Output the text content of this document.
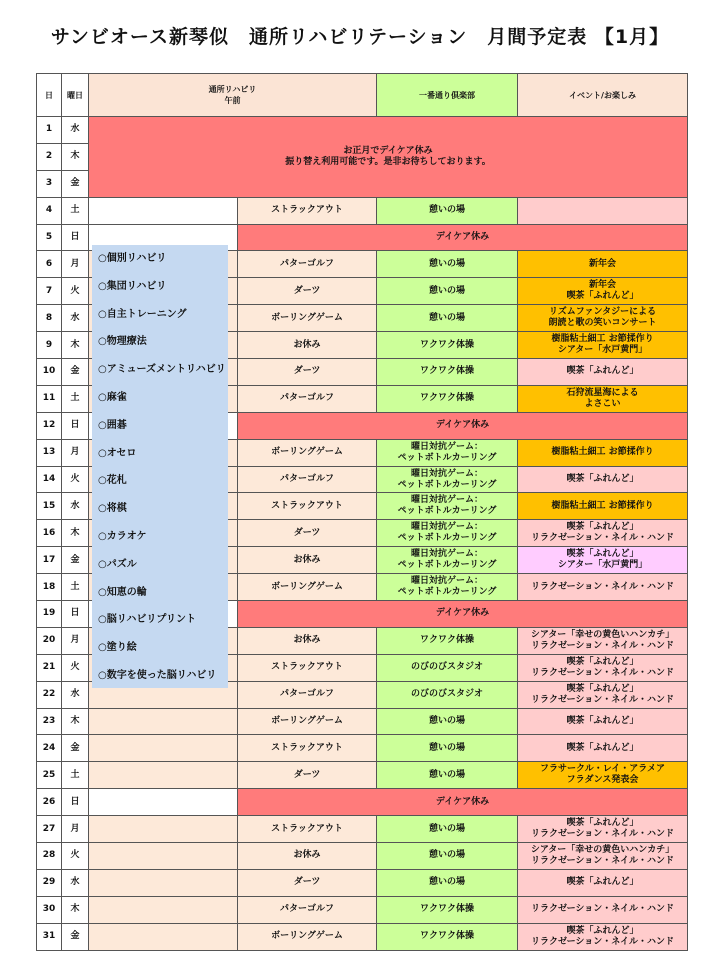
サンビオース新琴似　通所リハビリテーション　月間予定表 【1月】
日	曜日	通所リハビリ
午前		一番通り倶楽部	イベント/お楽しみ
1	水	お正月でデイケア休み
振り替え利用可能です。是非お待ちしております。			
2	木				
3	金				
4	土		ストラックアウト	憩いの場	
5	日		デイケア休み		
6	月		パターゴルフ	憩いの場	新年会
7	火		ダーツ	憩いの場	新年会
喫茶「ふれんど」
8	水		ボーリングゲーム	憩いの場	リズムファンタジーによる
朗読と歌の笑いコンサート
9	木		お休み	ワクワク体操	樹脂粘土細工 お節揉作り
シアター「水戸黄門」
10	金		ダーツ	ワクワク体操	喫茶「ふれんど」
11	土		パターゴルフ	ワクワク体操	石狩流星海による
よさこい
12	日		デイケア休み		
13	月		ボーリングゲーム	曜日対抗ゲーム：
ペットボトルカーリング	樹脂粘土細工 お節揉作り
14	火		パターゴルフ	曜日対抗ゲーム：
ペットボトルカーリング	喫茶「ふれんど」
15	水		ストラックアウト	曜日対抗ゲーム：
ペットボトルカーリング	樹脂粘土細工 お節揉作り
16	木		ダーツ	曜日対抗ゲーム：
ペットボトルカーリング	喫茶「ふれんど」
リラクゼーション・ネイル・ハンド
17	金		お休み	曜日対抗ゲーム：
ペットボトルカーリング	喫茶「ふれんど」
シアター「水戸黄門」
18	土		ボーリングゲーム	曜日対抗ゲーム：
ペットボトルカーリング	リラクゼーション・ネイル・ハンド
19	日		デイケア休み		
20	月		お休み	ワクワク体操	シアター「幸せの黄色いハンカチ」
リラクゼーション・ネイル・ハンド
21	火		ストラックアウト	のびのびスタジオ	喫茶「ふれんど」
リラクゼーション・ネイル・ハンド
22	水		パターゴルフ	のびのびスタジオ	喫茶「ふれんど」
リラクゼーション・ネイル・ハンド
23	木		ボーリングゲーム	憩いの場	喫茶「ふれんど」
24	金		ストラックアウト	憩いの場	喫茶「ふれんど」
25	土		ダーツ	憩いの場	フラサークル・レイ・アラメア
フラダンス発表会
26	日		デイケア休み		
27	月		ストラックアウト	憩いの場	喫茶「ふれんど」
リラクゼーション・ネイル・ハンド
28	火		お休み	憩いの場	シアター「幸せの黄色いハンカチ」
リラクゼーション・ネイル・ハンド
29	水		ダーツ	憩いの場	喫茶「ふれんど」
30	木		パターゴルフ	ワクワク体操	リラクゼーション・ネイル・ハンド
31	金		ボーリングゲーム	ワクワク体操	喫茶「ふれんど」
リラクゼーション・ネイル・ハンド
○個別リハビリ
○集団リハビリ
○自主トレーニング
○物理療法
○アミューズメントリハビリ
○麻雀
○囲碁
○オセロ
○花札
○将棋
○カラオケ
○パズル
○知恵の輪
○脳リハビリプリント
○塗り絵
○数字を使った脳リハビリ
